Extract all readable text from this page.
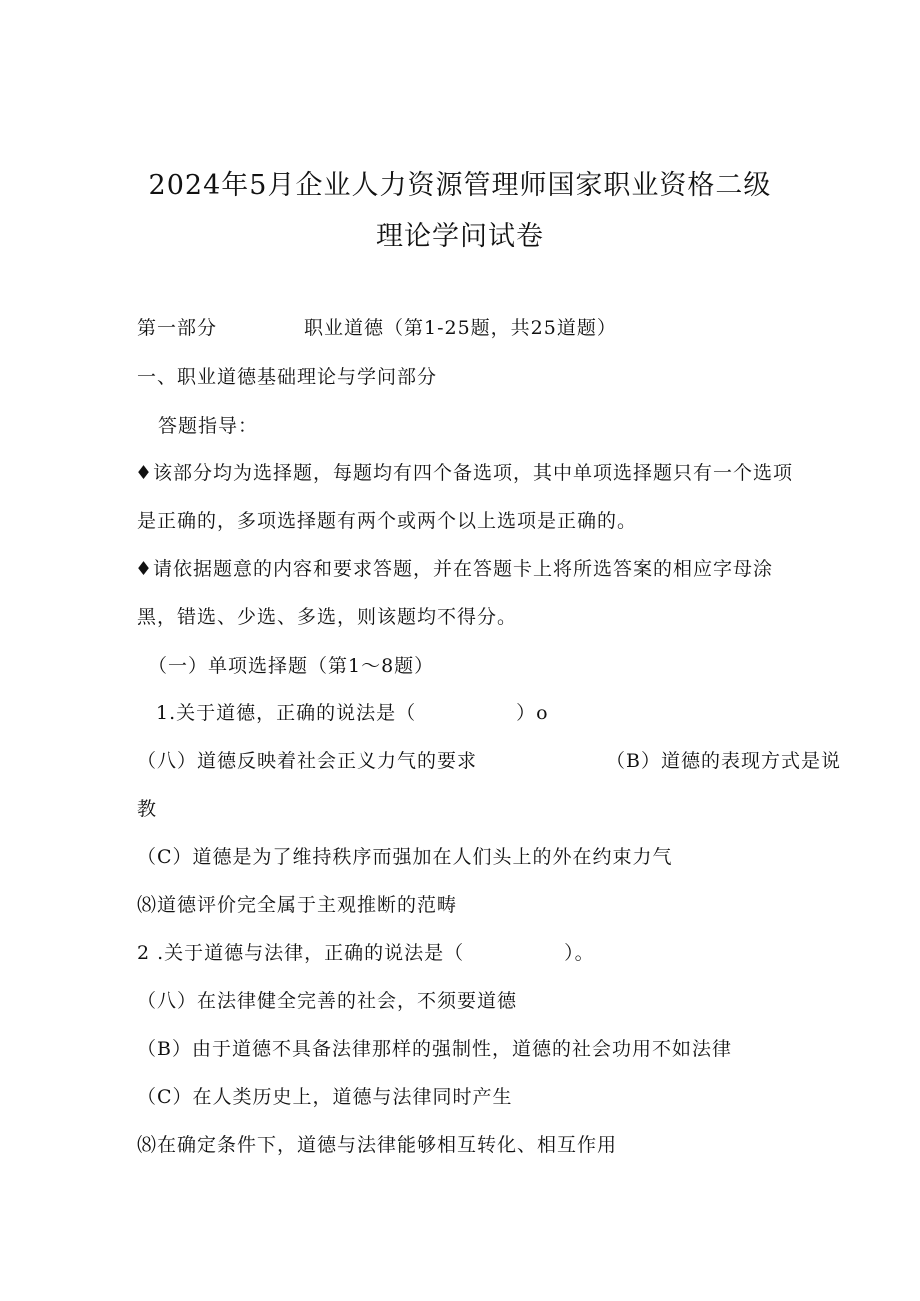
2024年5月企业人力资源管理师国家职业资格二级
理论学问试卷
第一部分	职业道德（第1-25题，共25道题）
一、职业道德基础理论与学问部分
答题指导：
♦该部分均为选择题，每题均有四个备选项，其中单项选择题只有一个选项
是正确的，多项选择题有两个或两个以上选项是正确的。
♦请依据题意的内容和要求答题，并在答题卡上将所选答案的相应字母涂
黑，错选、少选、多选，则该题均不得分。
（一）单项选择题（第1〜8题）
1.关于道德，正确的说法是（　　　　　）o
（八）道德反映着社会正义力气的要求	（B）道德的表现方式是说
教
（C）道德是为了维持秩序而强加在人们头上的外在约束力气
⑻道德评价完全属于主观推断的范畴
2 .关于道德与法律，正确的说法是（　　　　　）。
（八）在法律健全完善的社会，不须要道德
（B）由于道德不具备法律那样的强制性，道德的社会功用不如法律
（C）在人类历史上，道德与法律同时产生
⑻在确定条件下，道德与法律能够相互转化、相互作用
